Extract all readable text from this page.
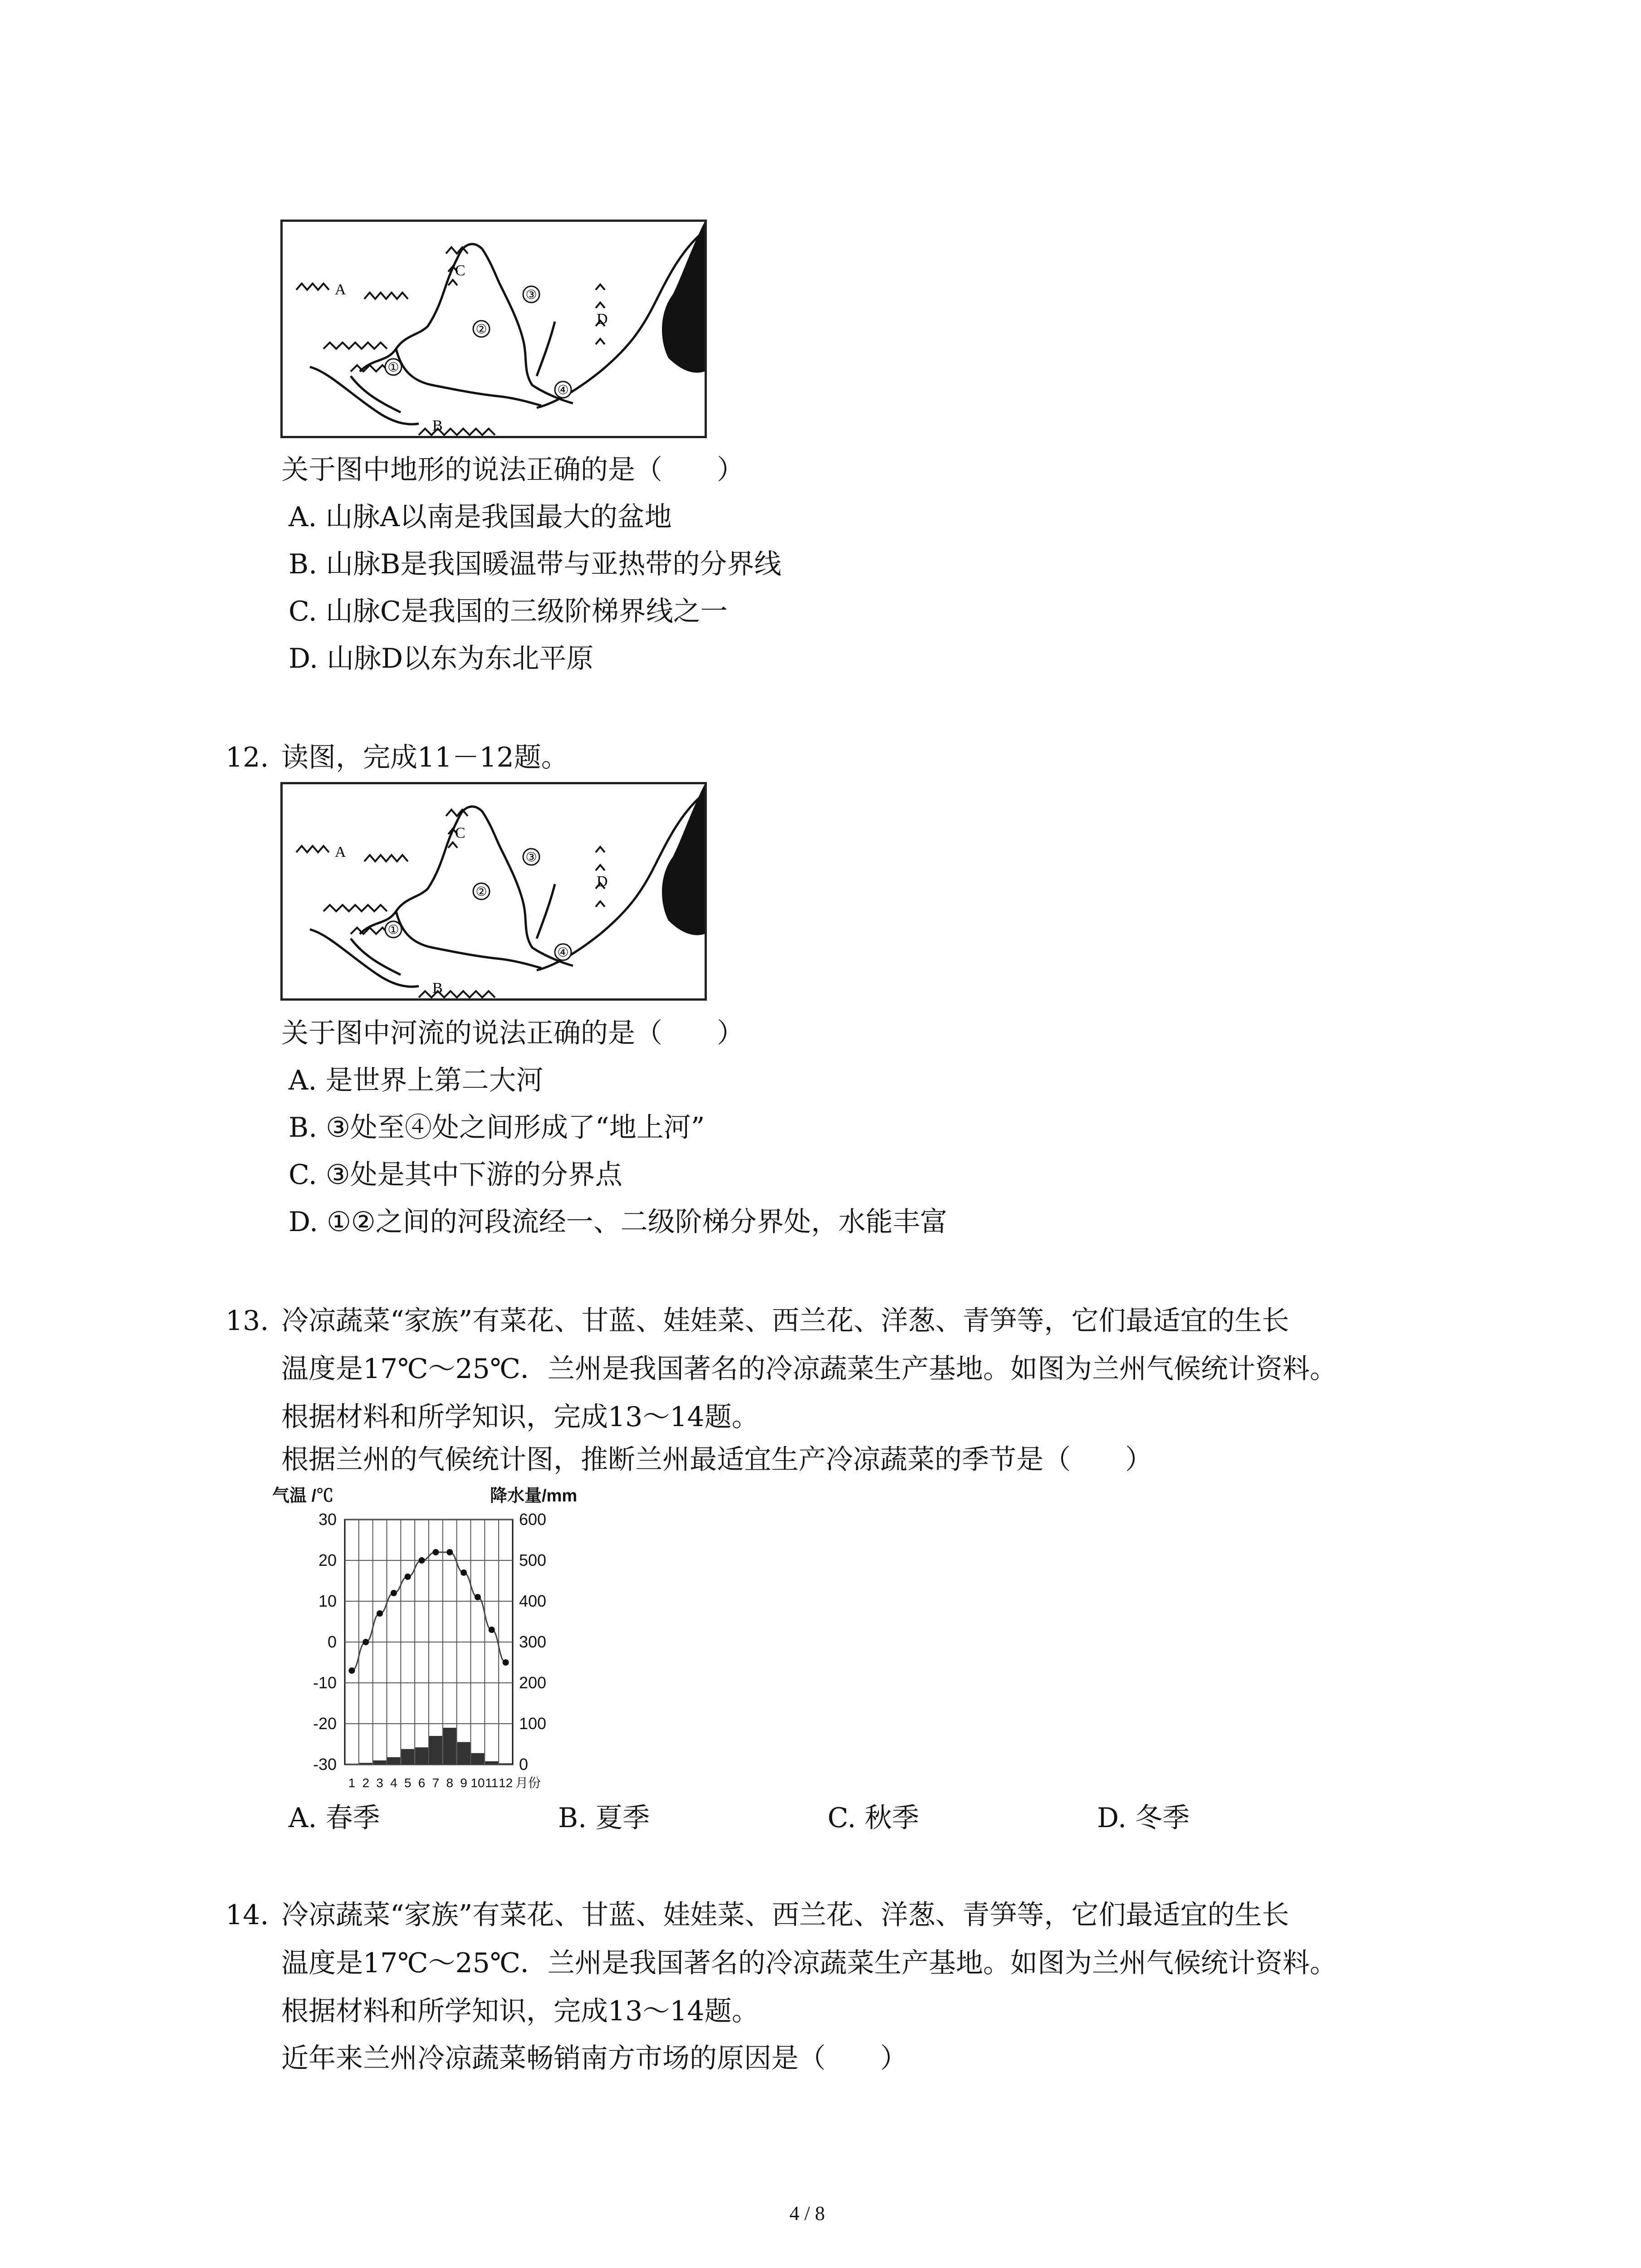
①
②
③
④
A
B
C
D
关于图中地形的说法正确的是（　　）
A. 山脉A以南是我国最大的盆地
B. 山脉B是我国暖温带与亚热带的分界线
C. 山脉C是我国的三级阶梯界线之一
D. 山脉D以东为东北平原
12. 读图，完成11－12题。
①
②
③
④
A
B
C
D
关于图中河流的说法正确的是（　　）
A. 是世界上第二大河
B. ③处至④处之间形成了“地上河”
C. ③处是其中下游的分界点
D. ①②之间的河段流经一、二级阶梯分界处，水能丰富
13. 冷凉蔬菜“家族”有菜花、甘蓝、娃娃菜、西兰花、洋葱、青笋等，它们最适宜的生长
温度是17℃～25℃．兰州是我国著名的冷凉蔬菜生产基地。如图为兰州气候统计资料。
根据材料和所学知识，完成13～14题。
根据兰州的气候统计图，推断兰州最适宜生产冷凉蔬菜的季节是（　　）
气温 /℃	降水量/mm
30	600
20	500
10	400
0	300
-10	200
-20	100
-30	0
1 2 3 4 5 6 7 8 9 10 11 12 月份
A. 春季	B. 夏季	C. 秋季	D. 冬季
14. 冷凉蔬菜“家族”有菜花、甘蓝、娃娃菜、西兰花、洋葱、青笋等，它们最适宜的生长
温度是17℃～25℃．兰州是我国著名的冷凉蔬菜生产基地。如图为兰州气候统计资料。
根据材料和所学知识，完成13～14题。
近年来兰州冷凉蔬菜畅销南方市场的原因是（　　）
4 / 8
